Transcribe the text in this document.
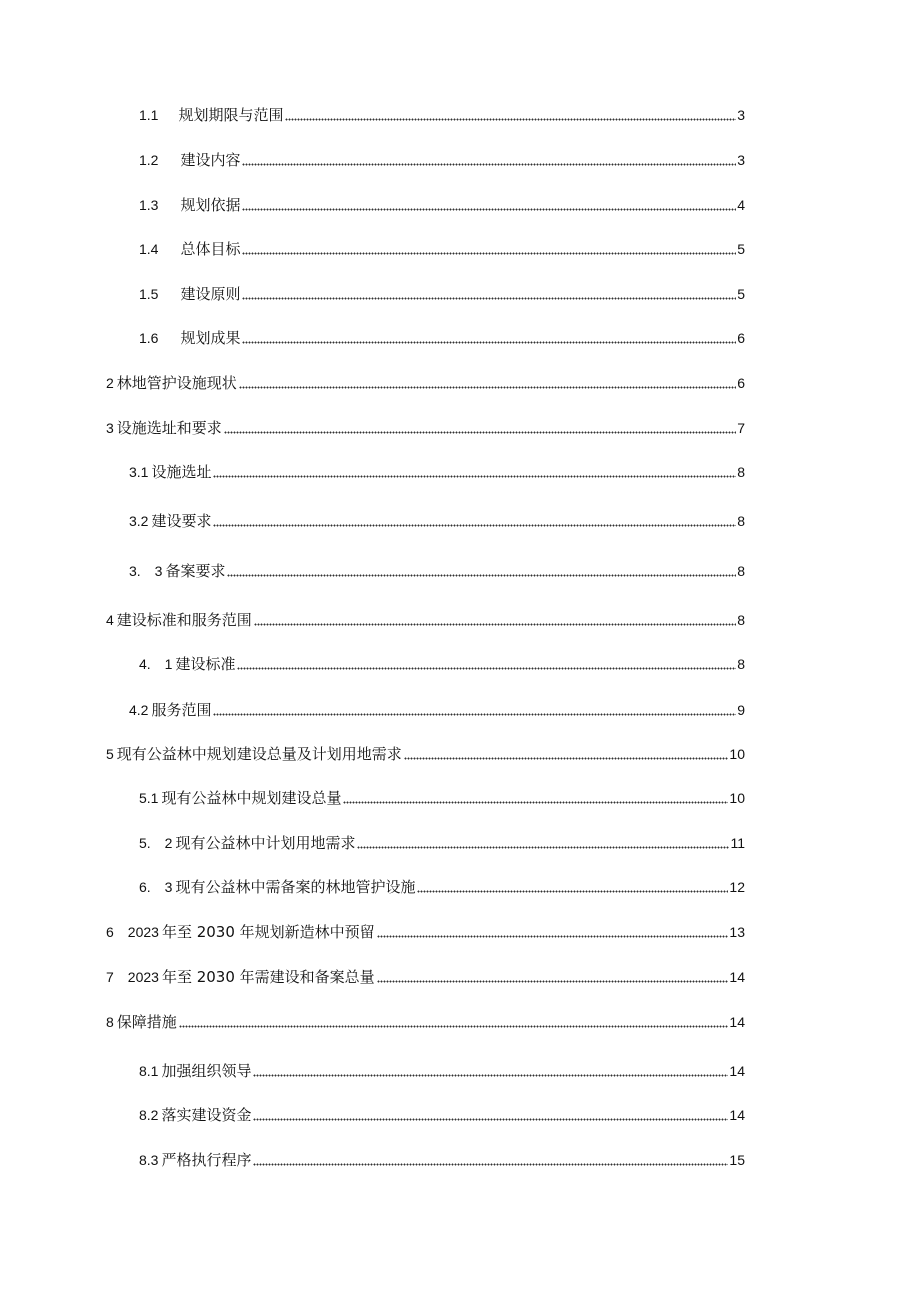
1.1 规划期限与范围	3
1.2 建设内容	3
1.3 规划依据	4
1.4 总体目标	5
1.5 建设原则	5
1.6 规划成果	6
2 林地管护设施现状	6
3 设施选址和要求	7
3.1 设施选址	8
3.2 建设要求	8
3.　3 备案要求	8
4 建设标准和服务范围	8
4.　1 建设标准	8
4.2 服务范围	9
5 现有公益林中规划建设总量及计划用地需求	10
5.1 现有公益林中规划建设总量	10
5.　2 现有公益林中计划用地需求	11
6.　3 现有公益林中需备案的林地管护设施	12
6　2023 年至 2030 年规划新造林中预留	13
7　2023 年至 2030 年需建设和备案总量	14
8 保障措施	14
8.1 加强组织领导	14
8.2 落实建设资金	14
8.3 严格执行程序	15
